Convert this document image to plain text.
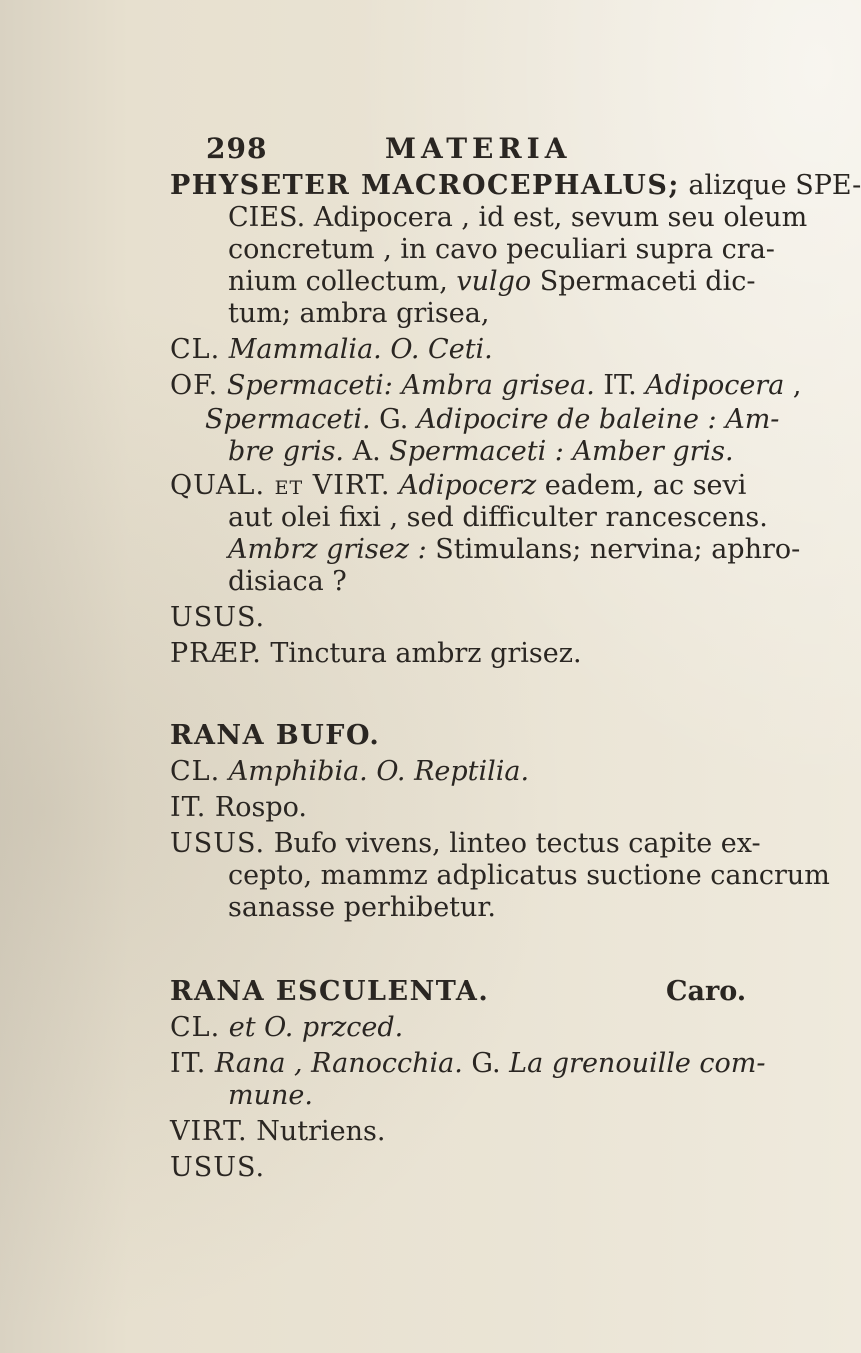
298	MATERIA
PHYSETER MACROCEPHALUS; alizque SPE-
CIES. Adipocera , id est, sevum seu oleum
concretum , in cavo peculiari supra cra-
nium collectum, vulgo Spermaceti dic-
tum; ambra grisea,
CL. Mammalia. O. Ceti.
OF. Spermaceti: Ambra grisea. IT. Adipocera ,
Spermaceti. G. Adipocire de baleine : Am-
bre gris. A. Spermaceti : Amber gris.
QUAL. et VIRT. Adipocerz eadem, ac sevi
aut olei fixi , sed difficulter rancescens.
Ambrz grisez : Stimulans; nervina; aphro-
disiaca ?
USUS.
PRÆP. Tinctura ambrz grisez.
RANA BUFO.
CL. Amphibia. O. Reptilia.
IT. Rospo.
USUS. Bufo vivens, linteo tectus capite ex-
cepto, mammz adplicatus suctione cancrum
sanasse perhibetur.
RANA ESCULENTA.	Caro.
CL. et O. przced.
IT. Rana , Ranocchia. G. La grenouille com-
mune.
VIRT. Nutriens.
USUS.
